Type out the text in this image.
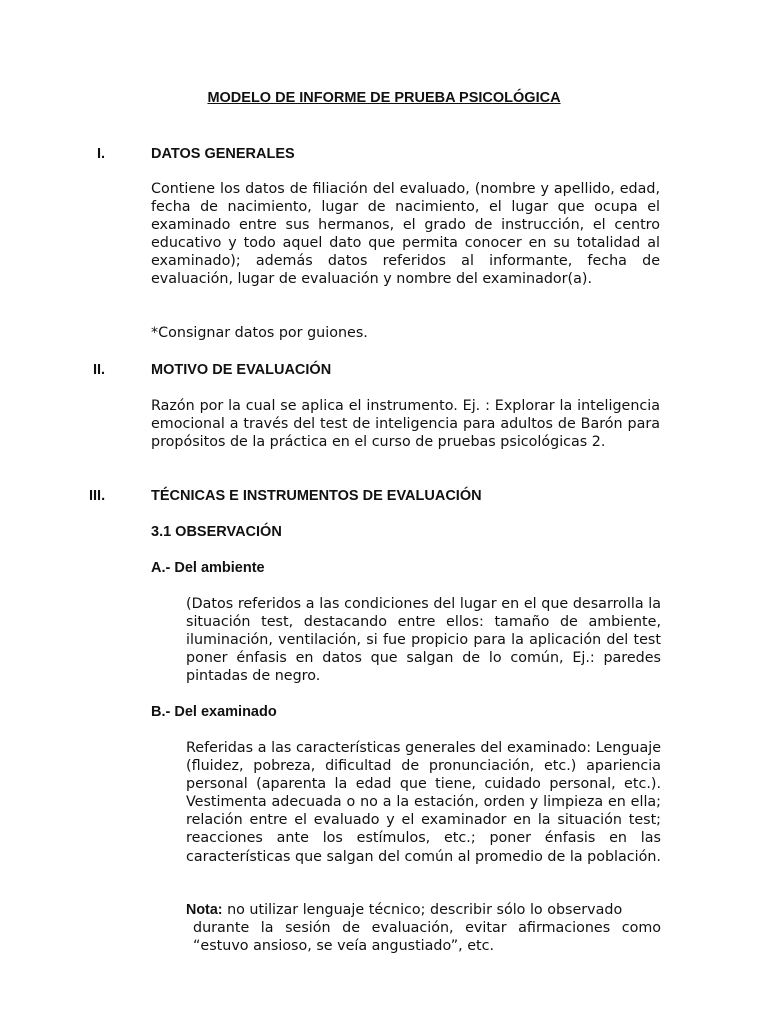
MODELO DE INFORME DE PRUEBA PSICOLÓGICA
I.	DATOS GENERALES

Contiene los datos de filiación del evaluado, (nombre y apellido, edad, fecha de nacimiento, lugar de nacimiento, el lugar que ocupa el examinado entre sus hermanos, el grado de instrucción, el centro educativo y todo aquel dato que permita conocer en su totalidad al examinado); además datos referidos al informante, fecha de evaluación, lugar de evaluación y nombre del examinador(a).

*Consignar datos por guiones.

II.	MOTIVO DE EVALUACIÓN

Razón por la cual se aplica el instrumento. Ej. : Explorar la inteligencia emocional a través del test de inteligencia para adultos de Barón para propósitos de la práctica en el curso de pruebas psicológicas 2.

III.	TÉCNICAS E INSTRUMENTOS DE EVALUACIÓN
3.1 OBSERVACIÓN
A.- Del ambiente

(Datos referidos a las condiciones del lugar en el que desarrolla la situación test, destacando entre ellos: tamaño de ambiente, iluminación, ventilación, si fue propicio para la aplicación del test poner énfasis en datos que salgan de lo común, Ej.: paredes pintadas de negro.

B.- Del examinado

Referidas a las características generales del examinado: Lenguaje (fluidez, pobreza, dificultad de pronunciación, etc.) apariencia personal (aparenta la edad que tiene, cuidado personal, etc.). Vestimenta adecuada o no a la estación, orden y limpieza en ella; relación entre el evaluado y el examinador en la situación test; reacciones ante los estímulos, etc.; poner énfasis en las características que salgan del común al promedio de la población.

Nota: no utilizar lenguaje técnico; describir sólo lo observado
durante la sesión de evaluación, evitar afirmaciones como “estuvo ansioso, se veía angustiado”, etc.
